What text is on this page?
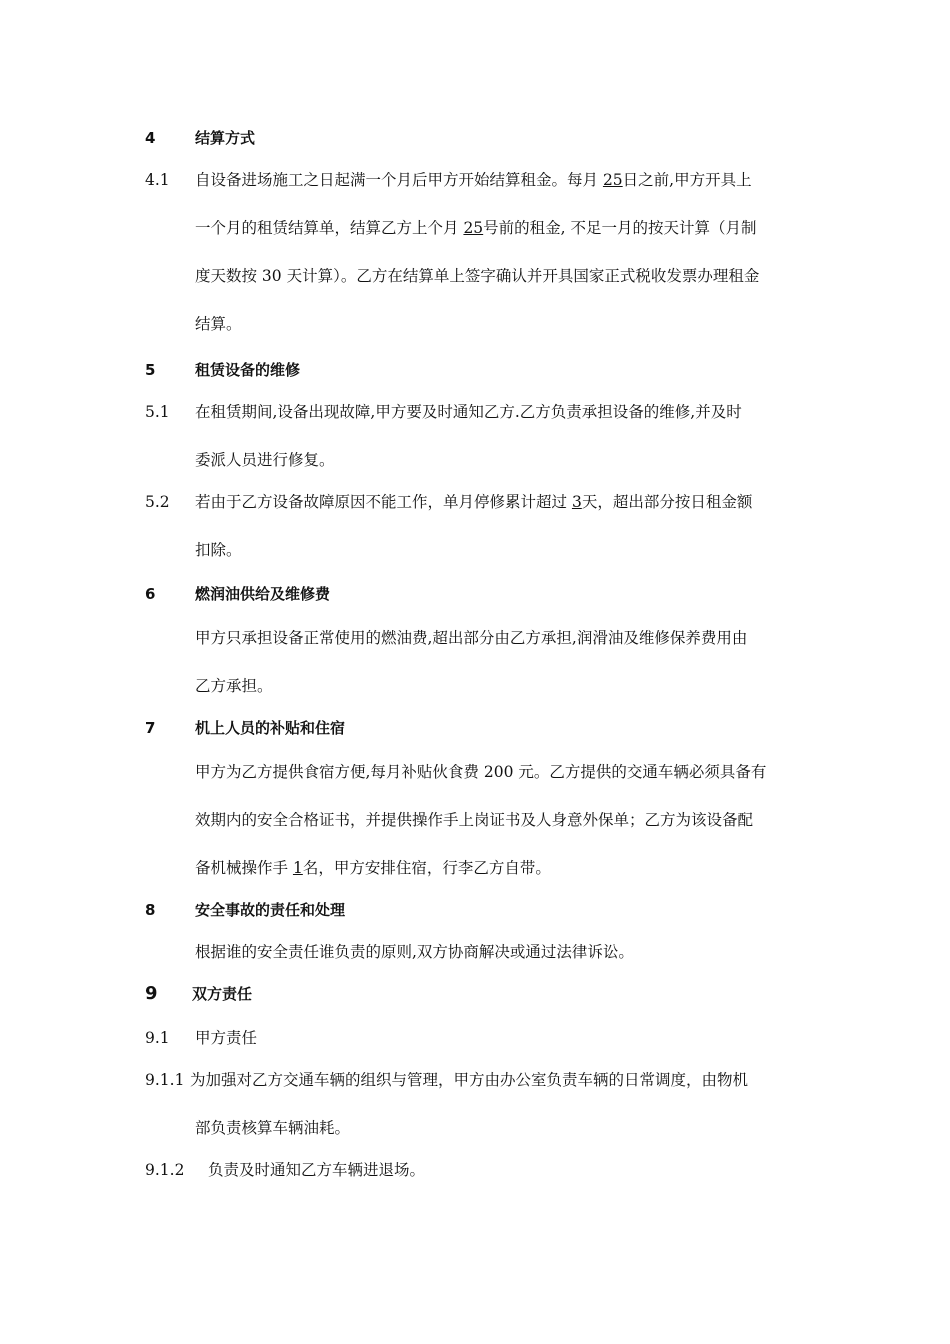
4	结算方式
4.1 自设备进场施工之日起满一个月后甲方开始结算租金。每月 25日之前,甲方开具上
一个月的租赁结算单，结算乙方上个月 25号前的租金, 不足一月的按天计算（月制
度天数按 30 天计算）。乙方在结算单上签字确认并开具国家正式税收发票办理租金
结算。
5	租赁设备的维修
5.1 在租赁期间,设备出现故障,甲方要及时通知乙方.乙方负责承担设备的维修,并及时
委派人员进行修复。
5.2 若由于乙方设备故障原因不能工作，单月停修累计超过 3天，超出部分按日租金额
扣除。
6	燃润油供给及维修费
甲方只承担设备正常使用的燃油费,超出部分由乙方承担,润滑油及维修保养费用由
乙方承担。
7	机上人员的补贴和住宿
甲方为乙方提供食宿方便,每月补贴伙食费 200 元。乙方提供的交通车辆必须具备有
效期内的安全合格证书，并提供操作手上岗证书及人身意外保单；乙方为该设备配
备机械操作手 1名，甲方安排住宿，行李乙方自带。
8	安全事故的责任和处理
根据谁的安全责任谁负责的原则,双方协商解决或通过法律诉讼。
9 双方责任
9.1 甲方责任
9.1.1 为加强对乙方交通车辆的组织与管理，甲方由办公室负责车辆的日常调度，由物机
部负责核算车辆油耗。
9.1.2 负责及时通知乙方车辆进退场。
